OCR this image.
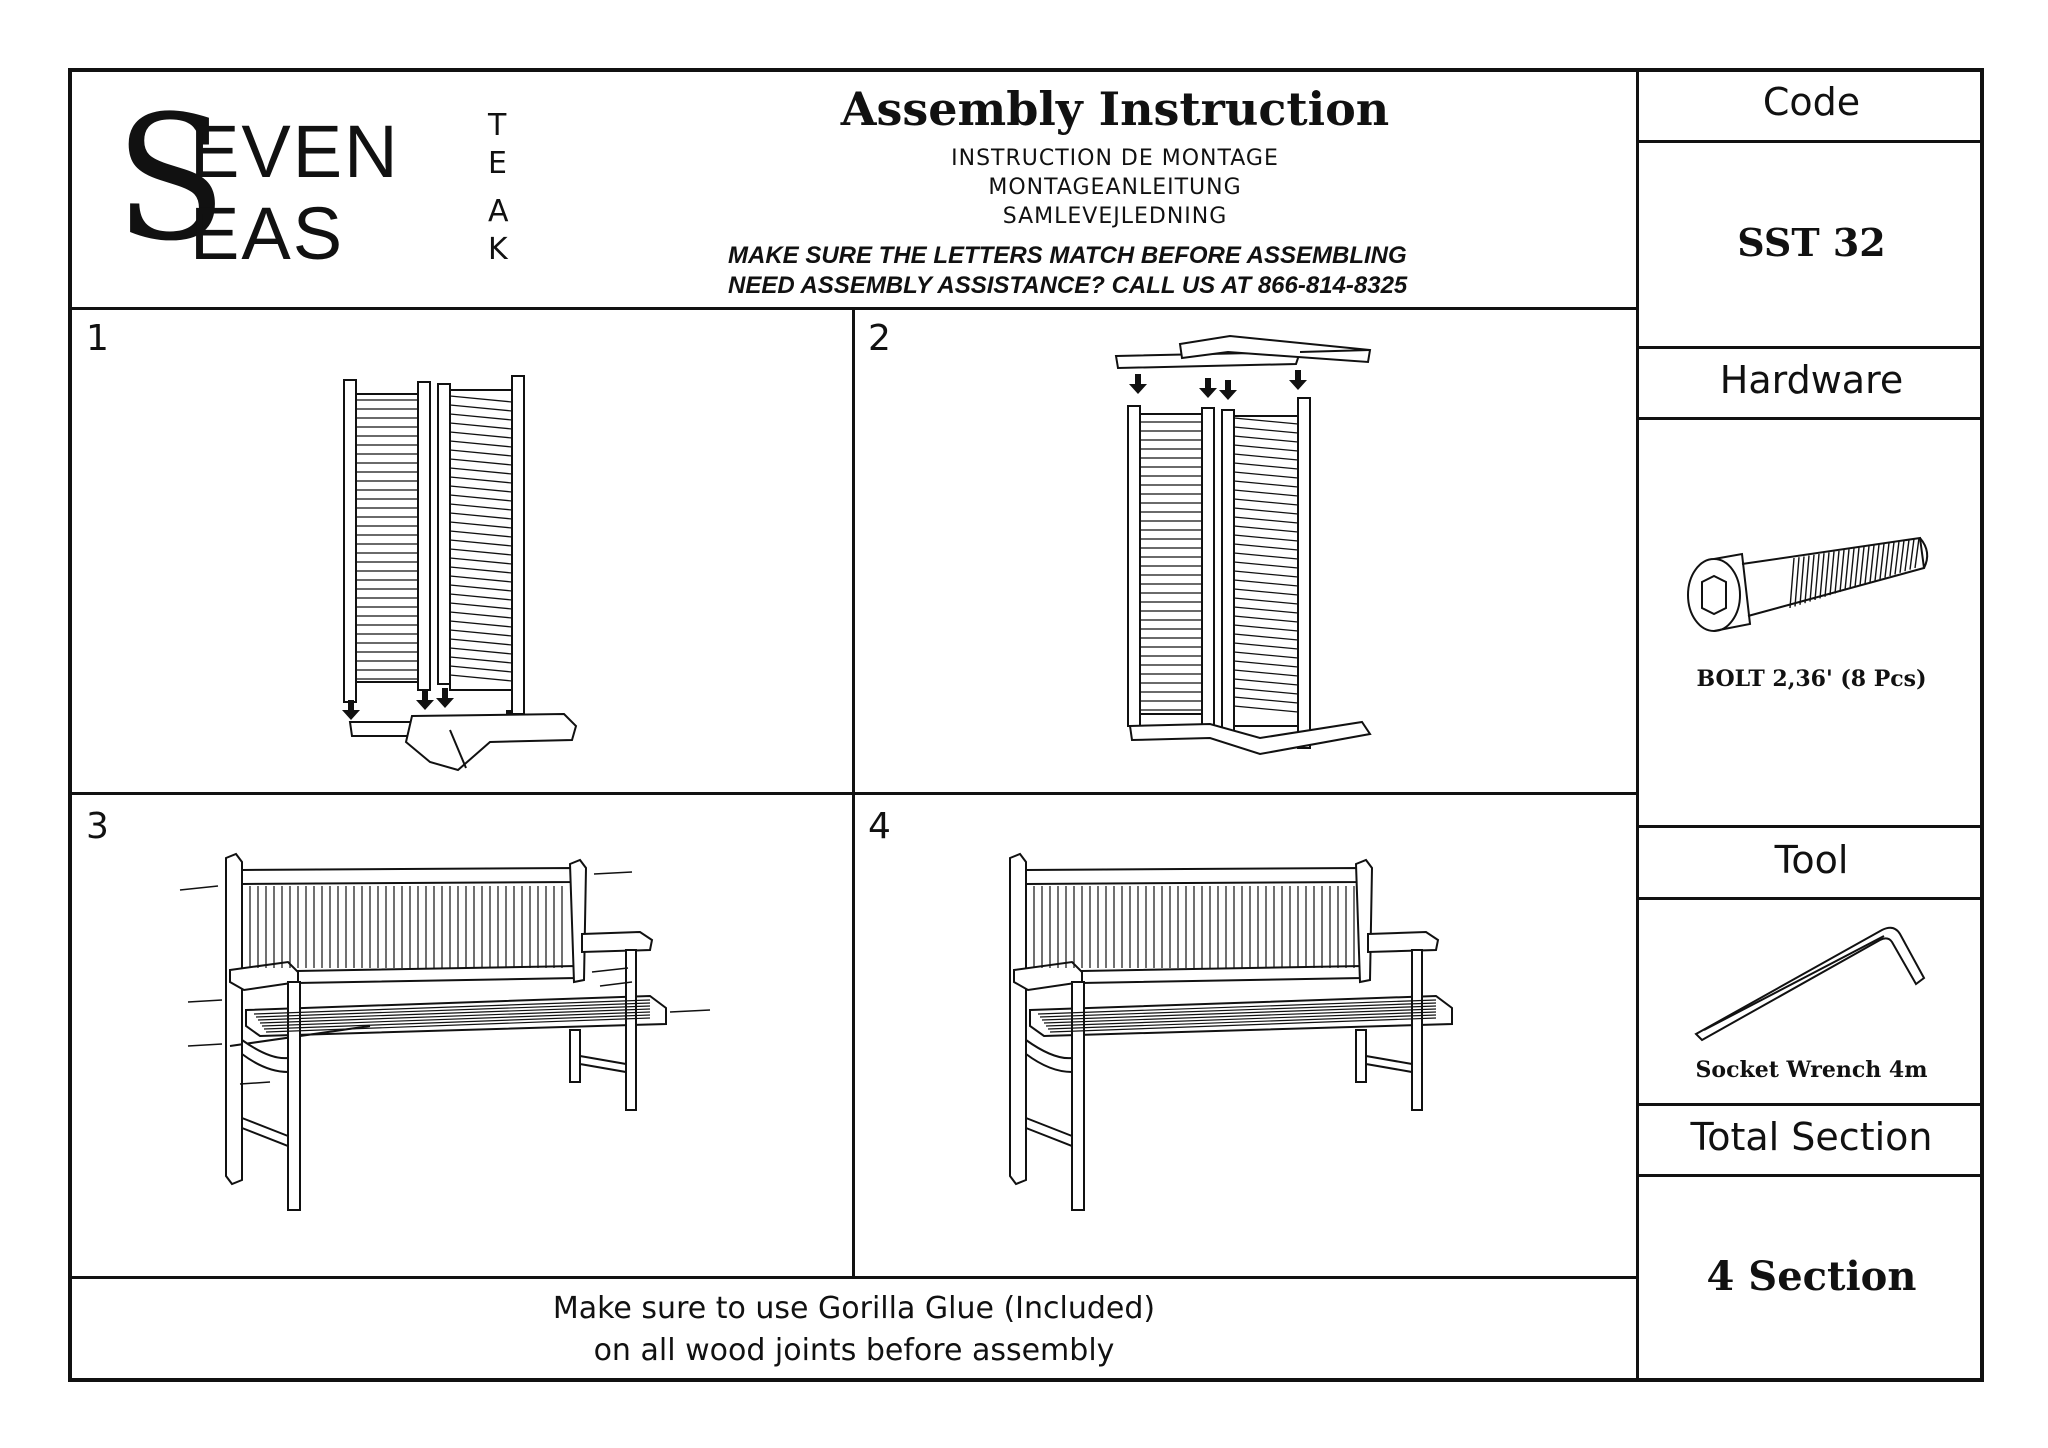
S
EVEN
EAS
T
E
A
K
Assembly Instruction
INSTRUCTION DE MONTAGE
MONTAGEANLEITUNG
SAMLEVEJLEDNING
MAKE SURE THE LETTERS MATCH BEFORE ASSEMBLING
NEED ASSEMBLY ASSISTANCE? CALL US AT 866-814-8325
Code
SST 32
Hardware
BOLT 2,36' (8 Pcs)
Tool
Socket Wrench 4m
Total Section
4 Section
1	2
3	4
Make sure to use Gorilla Glue (Included)
on all wood joints before assembly
